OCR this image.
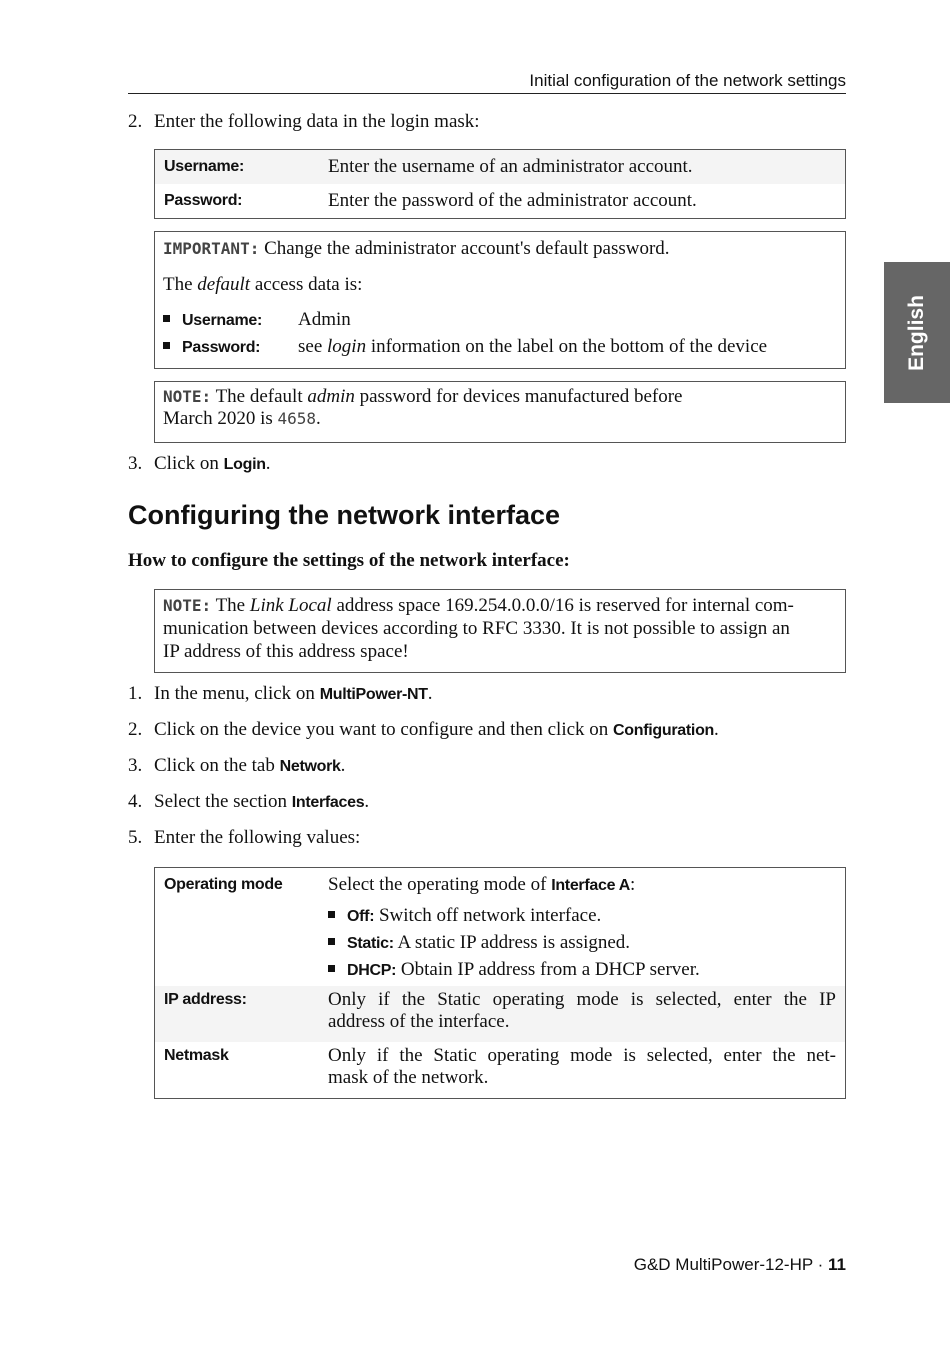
Initial configuration of the network settings
English
2. Enter the following data in the login mask:
Username:	Enter the username of an administrator account.
Password:	Enter the password of the administrator account.
IMPORTANT: Change the administrator account's default password.
The default access data is:
Username:	Admin
Password:	see login information on the label on the bottom of the device
NOTE: The default admin password for devices manufactured before
March 2020 is 4658.
3. Click on Login.
Configuring the network interface
How to configure the settings of the network interface:
NOTE: The Link Local address space 169.254.0.0.0/16 is reserved for internal com-
munication between devices according to RFC 3330. It is not possible to assign an
IP address of this address space!
1. In the menu, click on MultiPower-NT.
2. Click on the device you want to configure and then click on Configuration.
3. Click on the tab Network.
4. Select the section Interfaces.
5. Enter the following values:
Operating mode	Select the operating mode of Interface A:
Off: Switch off network interface.
Static: A static IP address is assigned.
DHCP: Obtain IP address from a DHCP server.
IP address:	Only if the Static operating mode is selected, enter the IP
address of the interface.
Netmask	Only if the Static operating mode is selected, enter the net-
mask of the network.
G&D MultiPower-12-HP · 11
